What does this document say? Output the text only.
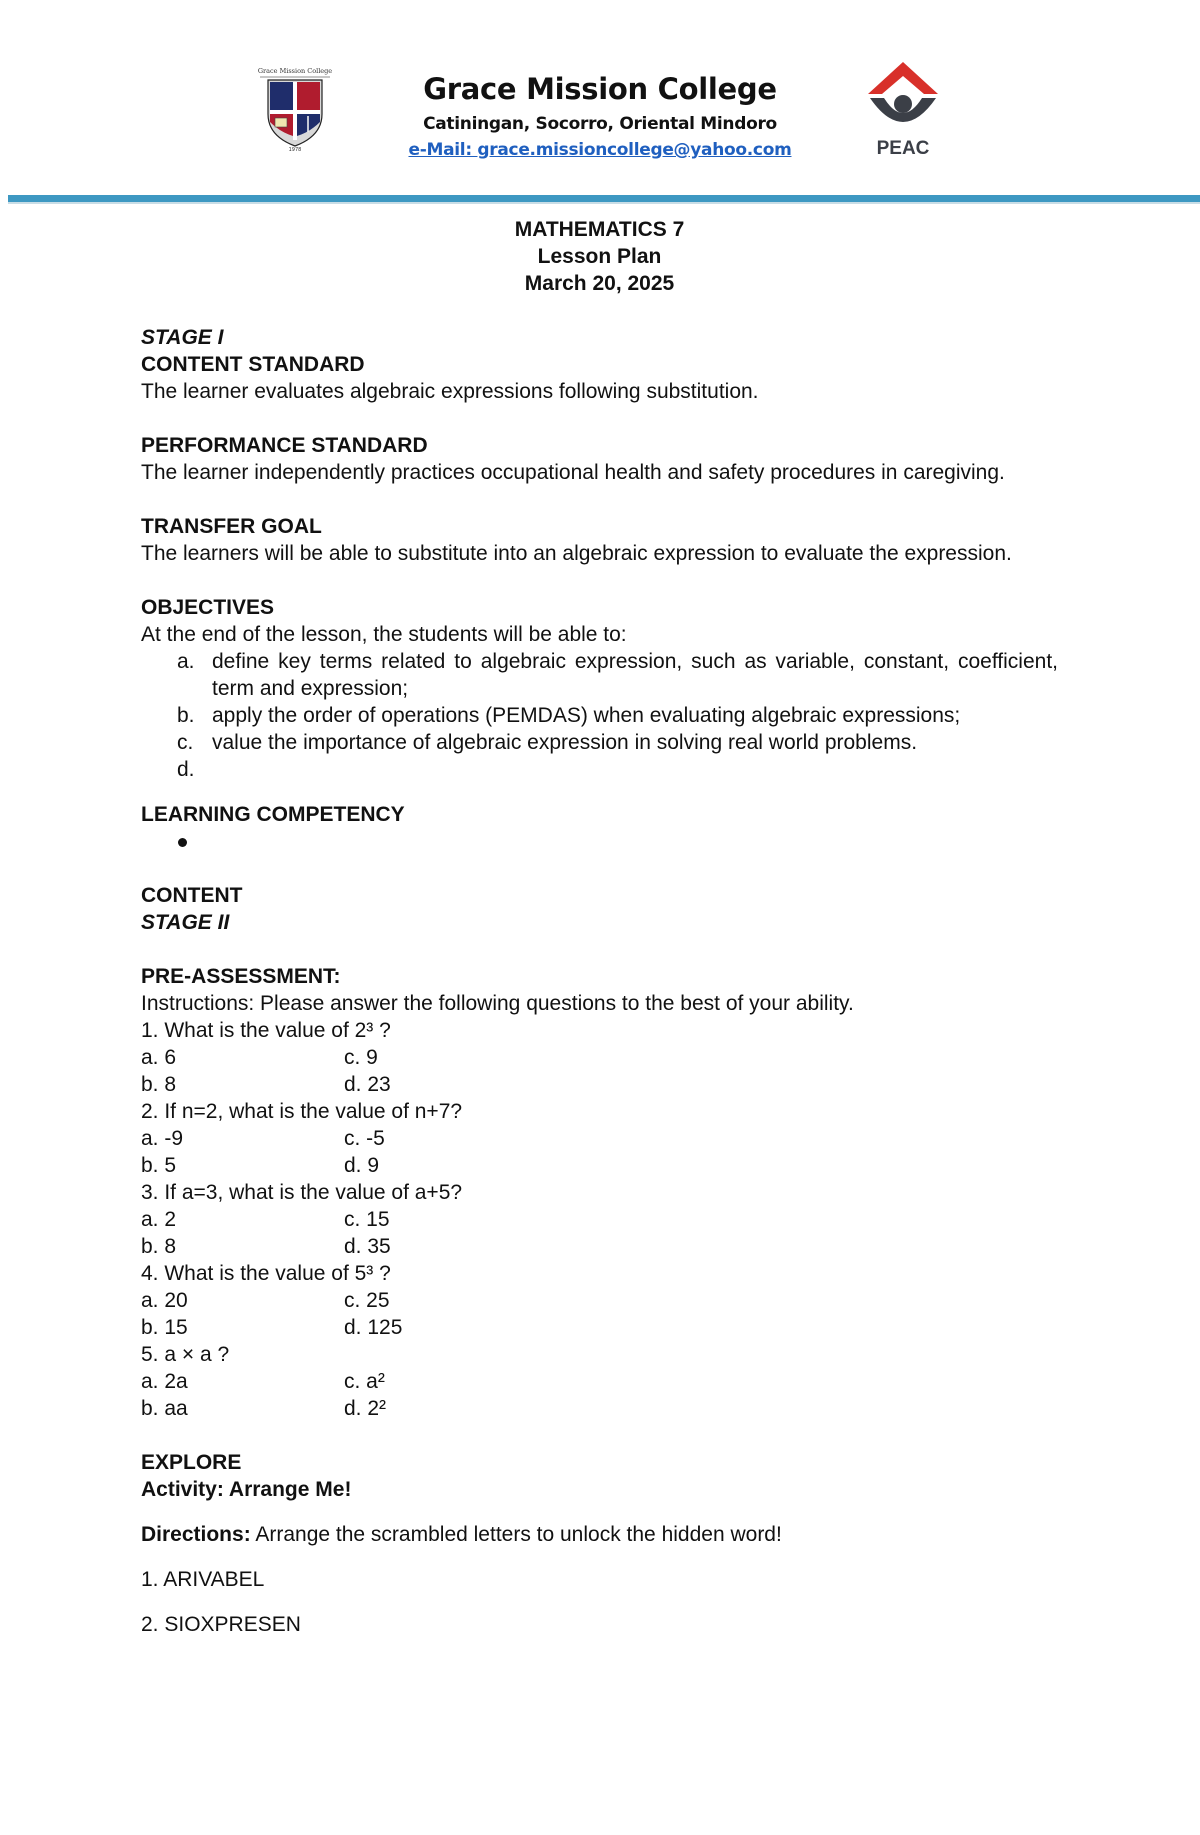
Grace Mission College
1978
Grace Mission College
Catiningan, Socorro, Oriental Mindoro
e-Mail: grace.missioncollege@yahoo.com	PEAC
MATHEMATICS 7
Lesson Plan
March 20, 2025
STAGE I
CONTENT STANDARD
The learner evaluates algebraic expressions following substitution.
PERFORMANCE STANDARD
The learner independently practices occupational health and safety procedures in caregiving.
TRANSFER GOAL
The learners will be able to substitute into an algebraic expression to evaluate the expression.
OBJECTIVES
At the end of the lesson, the students will be able to:
a. define key terms related to algebraic expression, such as variable, constant, coefficient, term and expression;
b. apply the order of operations (PEMDAS) when evaluating algebraic expressions;
c. value the importance of algebraic expression in solving real world problems.
d.
LEARNING COMPETENCY
CONTENT
STAGE II
PRE-ASSESSMENT:
Instructions: Please answer the following questions to the best of your ability.
1. What is the value of 2³ ?
a. 6	c. 9
b. 8	d. 23
2. If n=2, what is the value of n+7?
a. -9	c. -5
b. 5	d. 9
3. If a=3, what is the value of a+5?
a. 2	c. 15
b. 8	d. 35
4. What is the value of 5³ ?
a. 20	c. 25
b. 15	d. 125
5. a × a ?
a. 2a	c. a²
b. aa	d. 2²
EXPLORE
Activity: Arrange Me!
Directions: Arrange the scrambled letters to unlock the hidden word!
1. ARIVABEL
2. SIOXPRESEN
